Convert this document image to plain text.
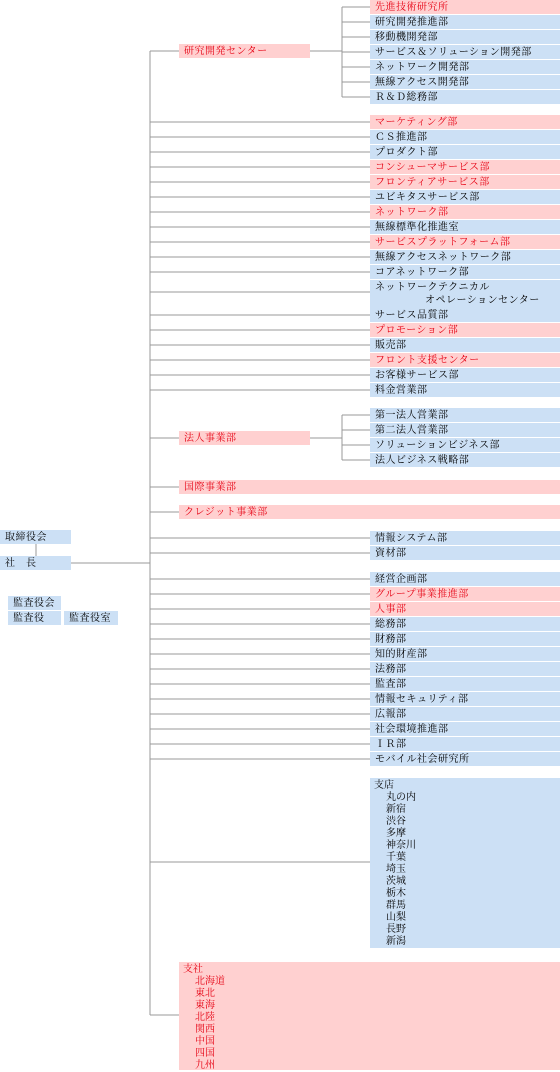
取締役会
社　長
監査役会
監査役	監査役室
研究開発センター
法人事業部
国際事業部
クレジット事業部
先進技術研究所
研究開発推進部
移動機開発部
サービス＆ソリューション開発部
ネットワーク開発部
無線アクセス開発部
Ｒ＆Ｄ総務部
マーケティング部
ＣＳ推進部
プロダクト部
コンシューマサービス部
フロンティアサービス部
ユビキタスサービス部
ネットワーク部
無線標準化推進室
サービスプラットフォーム部
無線アクセスネットワーク部
コアネットワーク部
ネットワークテクニカル
オペレーションセンター
サービス品質部
プロモーション部
販売部
フロント支援センター
お客様サービス部
料金営業部
第一法人営業部
第二法人営業部
ソリューションビジネス部
法人ビジネス戦略部
情報システム部
資材部
経営企画部
グループ事業推進部
人事部
総務部
財務部
知的財産部
法務部
監査部
情報セキュリティ部
広報部
社会環境推進部
ＩＲ部
モバイル社会研究所
支店
丸の内
新宿
渋谷
多摩
神奈川
千葉
埼玉
茨城
栃木
群馬
山梨
長野
新潟
支社
北海道
東北
東海
北陸
関西
中国
四国
九州
